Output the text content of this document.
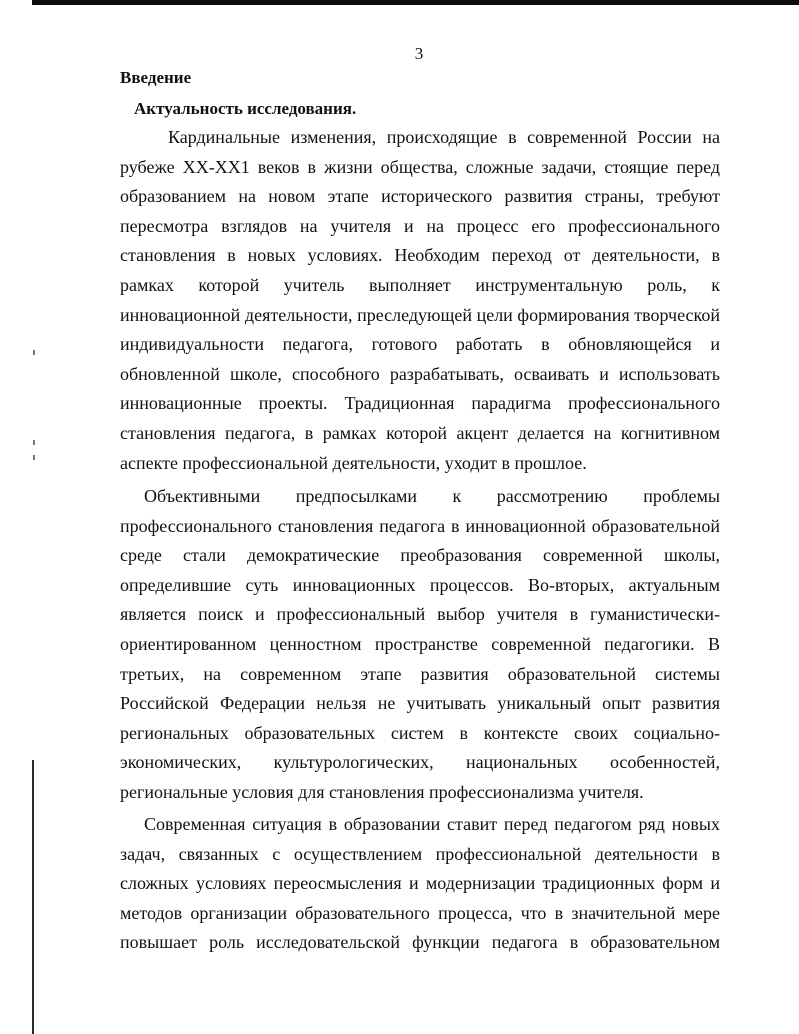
3
Введение
Актуальность исследования.
Кардинальные изменения, происходящие в современной России на
рубеже XX-XX1 веков в жизни общества, сложные задачи, стоящие перед
образованием на новом этапе исторического развития страны, требуют
пересмотра взглядов на учителя и на процесс его профессионального
становления в новых условиях. Необходим переход от деятельности, в
рамках которой учитель выполняет инструментальную роль, к
инновационной деятельности, преследующей цели формирования творческой
индивидуальности педагога, готового работать в обновляющейся и
обновленной школе, способного разрабатывать, осваивать и использовать
инновационные проекты. Традиционная парадигма профессионального
становления педагога, в рамках которой акцент делается на когнитивном
аспекте профессиональной деятельности, уходит в прошлое.
Объективными предпосылками к рассмотрению проблемы
профессионального становления педагога в инновационной образовательной
среде стали демократические преобразования современной школы,
определившие суть инновационных процессов. Во-вторых, актуальным
является поиск и профессиональный выбор учителя в гуманистически-
ориентированном ценностном пространстве современной педагогики. В
третьих, на современном этапе развития образовательной системы
Российской Федерации нельзя не учитывать уникальный опыт развития
региональных образовательных систем в контексте своих социально-
экономических, культурологических, национальных особенностей,
региональные условия для становления профессионализма учителя.
Современная ситуация в образовании ставит перед педагогом ряд новых
задач, связанных с осуществлением профессиональной деятельности в
сложных условиях переосмысления и модернизации традиционных форм и
методов организации образовательного процесса, что в значительной мере
повышает роль исследовательской функции педагога в образовательном
